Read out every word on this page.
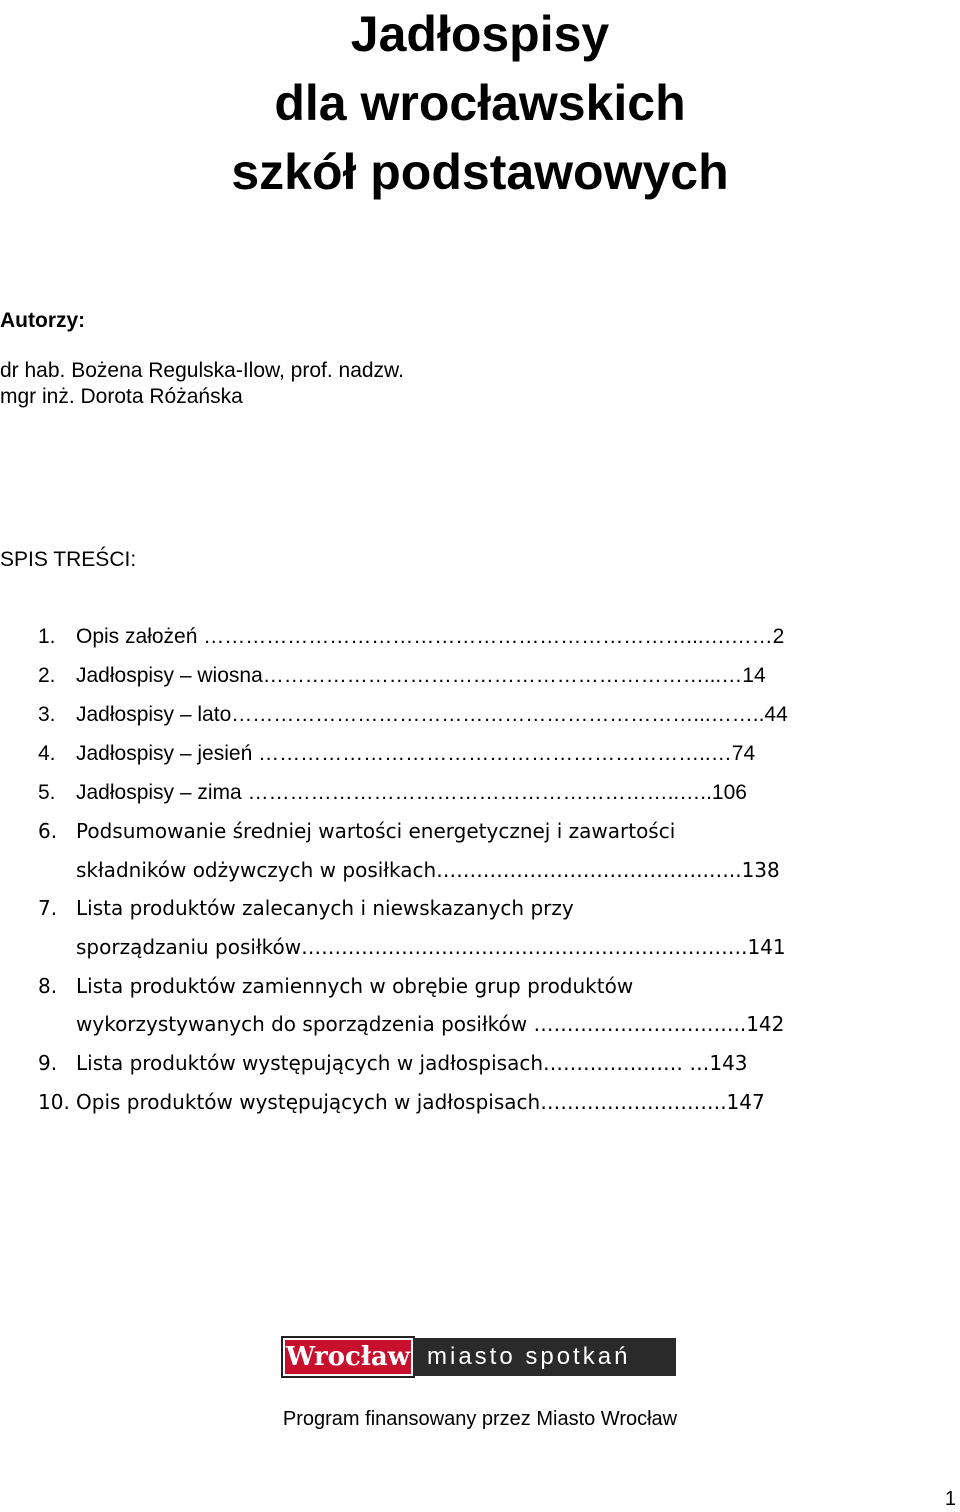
Jadłospisy
dla wrocławskich
szkół podstawowych
Autorzy:
dr hab. Bożena Regulska-Ilow, prof. nadzw.
mgr inż. Dorota Różańska
SPIS TREŚCI:
1. Opis założeń ……………………………………………………………...….……2
2. Jadłospisy – wiosna………………………………………………………...…14
3. Jadłospisy – lato…………………………………………………………...……..44
4. Jadłospisy – jesień ………………………………………………………..…74
5. Jadłospisy – zima ……………………………………………………..…..106
6. Podsumowanie średniej wartości energetycznej i zawartości
składników odżywczych w posiłkach…………………………………..…..138
7. Lista produktów zalecanych i niewskazanych przy
sporządzaniu posiłków………………………………………………………….141
8. Lista produktów zamiennych w obrębie grup produktów
wykorzystywanych do sporządzenia posiłków …………………………..142
9. Lista produktów występujących w jadłospisach………………… …143
10. Opis produktów występujących w jadłospisach……………………….147
Wrocław miasto spotkań
Program finansowany przez Miasto Wrocław
1
